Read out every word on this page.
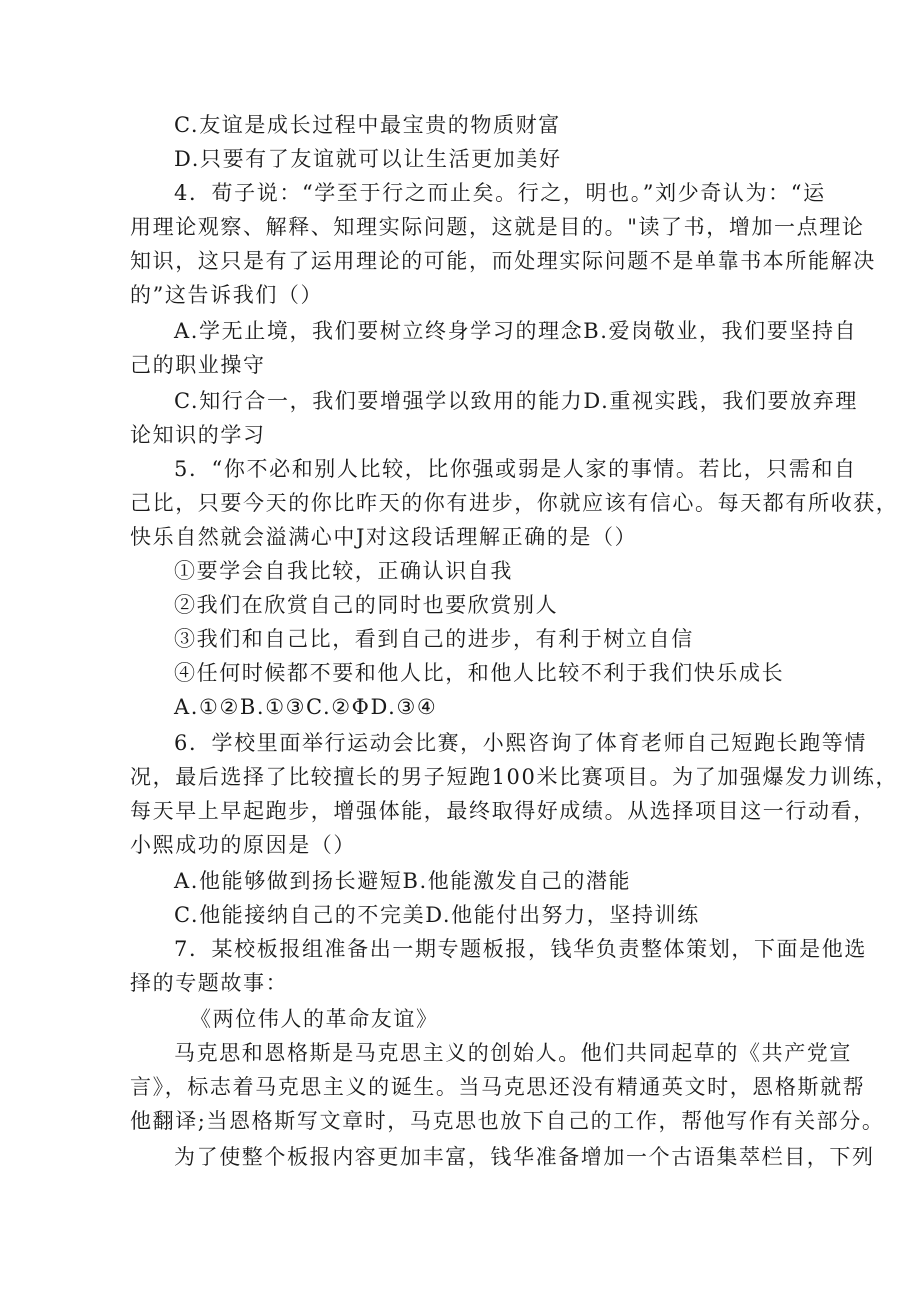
C.友谊是成长过程中最宝贵的物质财富
D.只要有了友谊就可以让生活更加美好
4．荀子说：“学至于行之而止矣。行之，明也。”刘少奇认为：“运
用理论观察、解释、知理实际问题，这就是目的。"读了书，增加一点理论
知识，这只是有了运用理论的可能，而处理实际问题不是单靠书本所能解决
的”这告诉我们（）
A.学无止境，我们要树立终身学习的理念B.爱岗敬业，我们要坚持自
己的职业操守
C.知行合一，我们要增强学以致用的能力D.重视实践，我们要放弃理
论知识的学习
5．“你不必和别人比较，比你强或弱是人家的事情。若比，只需和自
己比，只要今天的你比昨天的你有进步，你就应该有信心。每天都有所收获，
快乐自然就会溢满心中J对这段话理解正确的是（）
①要学会自我比较，正确认识自我
②我们在欣赏自己的同时也要欣赏别人
③我们和自己比，看到自己的进步，有利于树立自信
④任何时候都不要和他人比，和他人比较不利于我们快乐成长
A.①②B.①③C.②ΦD.③④
6．学校里面举行运动会比赛，小熙咨询了体育老师自己短跑长跑等情
况，最后选择了比较擅长的男子短跑100米比赛项目。为了加强爆发力训练，
每天早上早起跑步，增强体能，最终取得好成绩。从选择项目这一行动看，
小熙成功的原因是（）
A.他能够做到扬长避短B.他能激发自己的潜能
C.他能接纳自己的不完美D.他能付出努力，坚持训练
7．某校板报组准备出一期专题板报，钱华负责整体策划，下面是他选
择的专题故事：
《两位伟人的革命友谊》
马克思和恩格斯是马克思主义的创始人。他们共同起草的《共产党宣
言》，标志着马克思主义的诞生。当马克思还没有精通英文时，恩格斯就帮
他翻译;当恩格斯写文章时，马克思也放下自己的工作，帮他写作有关部分。
为了使整个板报内容更加丰富，钱华准备增加一个古语集萃栏目，下列
